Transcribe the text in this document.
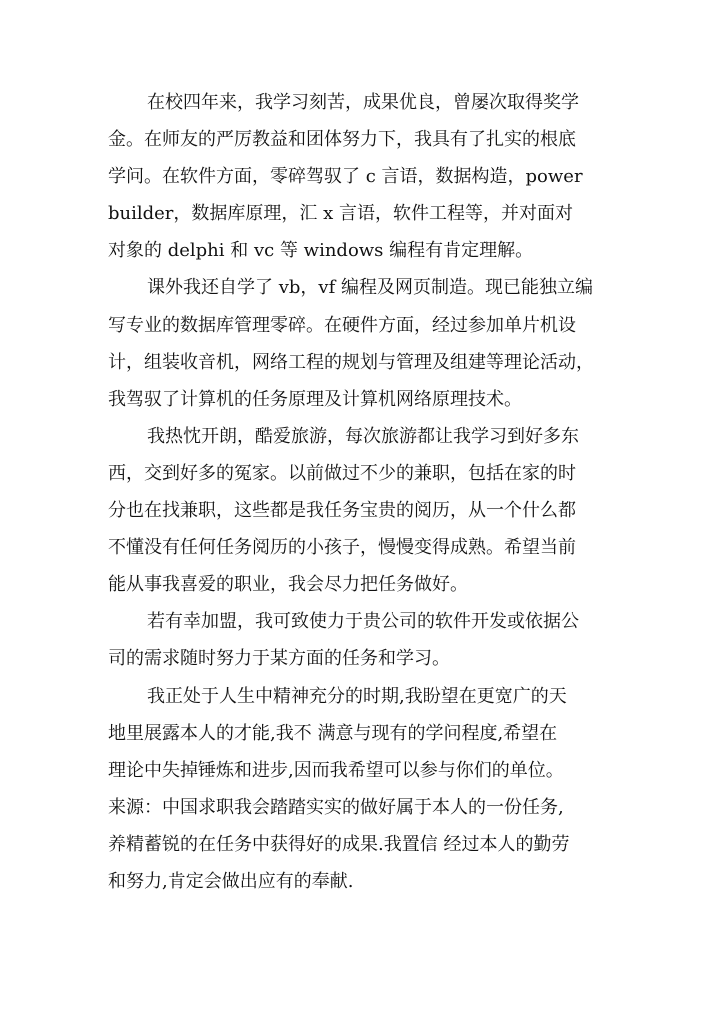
在校四年来，我学习刻苦，成果优良，曾屡次取得奖学
金。在师友的严厉教益和团体努力下，我具有了扎实的根底
学问。在软件方面，零碎驾驭了 c 言语，数据构造，power
builder，数据库原理，汇 x 言语，软件工程等，并对面对
对象的 delphi 和 vc 等 windows 编程有肯定理解。
课外我还自学了 vb，vf 编程及网页制造。现已能独立编
写专业的数据库管理零碎。在硬件方面，经过参加单片机设
计，组装收音机，网络工程的规划与管理及组建等理论活动，
我驾驭了计算机的任务原理及计算机网络原理技术。
我热忱开朗，酷爱旅游，每次旅游都让我学习到好多东
西，交到好多的冤家。以前做过不少的兼职，包括在家的时
分也在找兼职，这些都是我任务宝贵的阅历，从一个什么都
不懂没有任何任务阅历的小孩子，慢慢变得成熟。希望当前
能从事我喜爱的职业，我会尽力把任务做好。
若有幸加盟，我可致使力于贵公司的软件开发或依据公
司的需求随时努力于某方面的任务和学习。
我正处于人生中精神充分的时期,我盼望在更宽广的天
地里展露本人的才能,我不 满意与现有的学问程度,希望在
理论中失掉锤炼和进步,因而我希望可以参与你们的单位。
来源：中国求职我会踏踏实实的做好属于本人的一份任务,
养精蓄锐的在任务中获得好的成果.我置信 经过本人的勤劳
和努力,肯定会做出应有的奉献.
